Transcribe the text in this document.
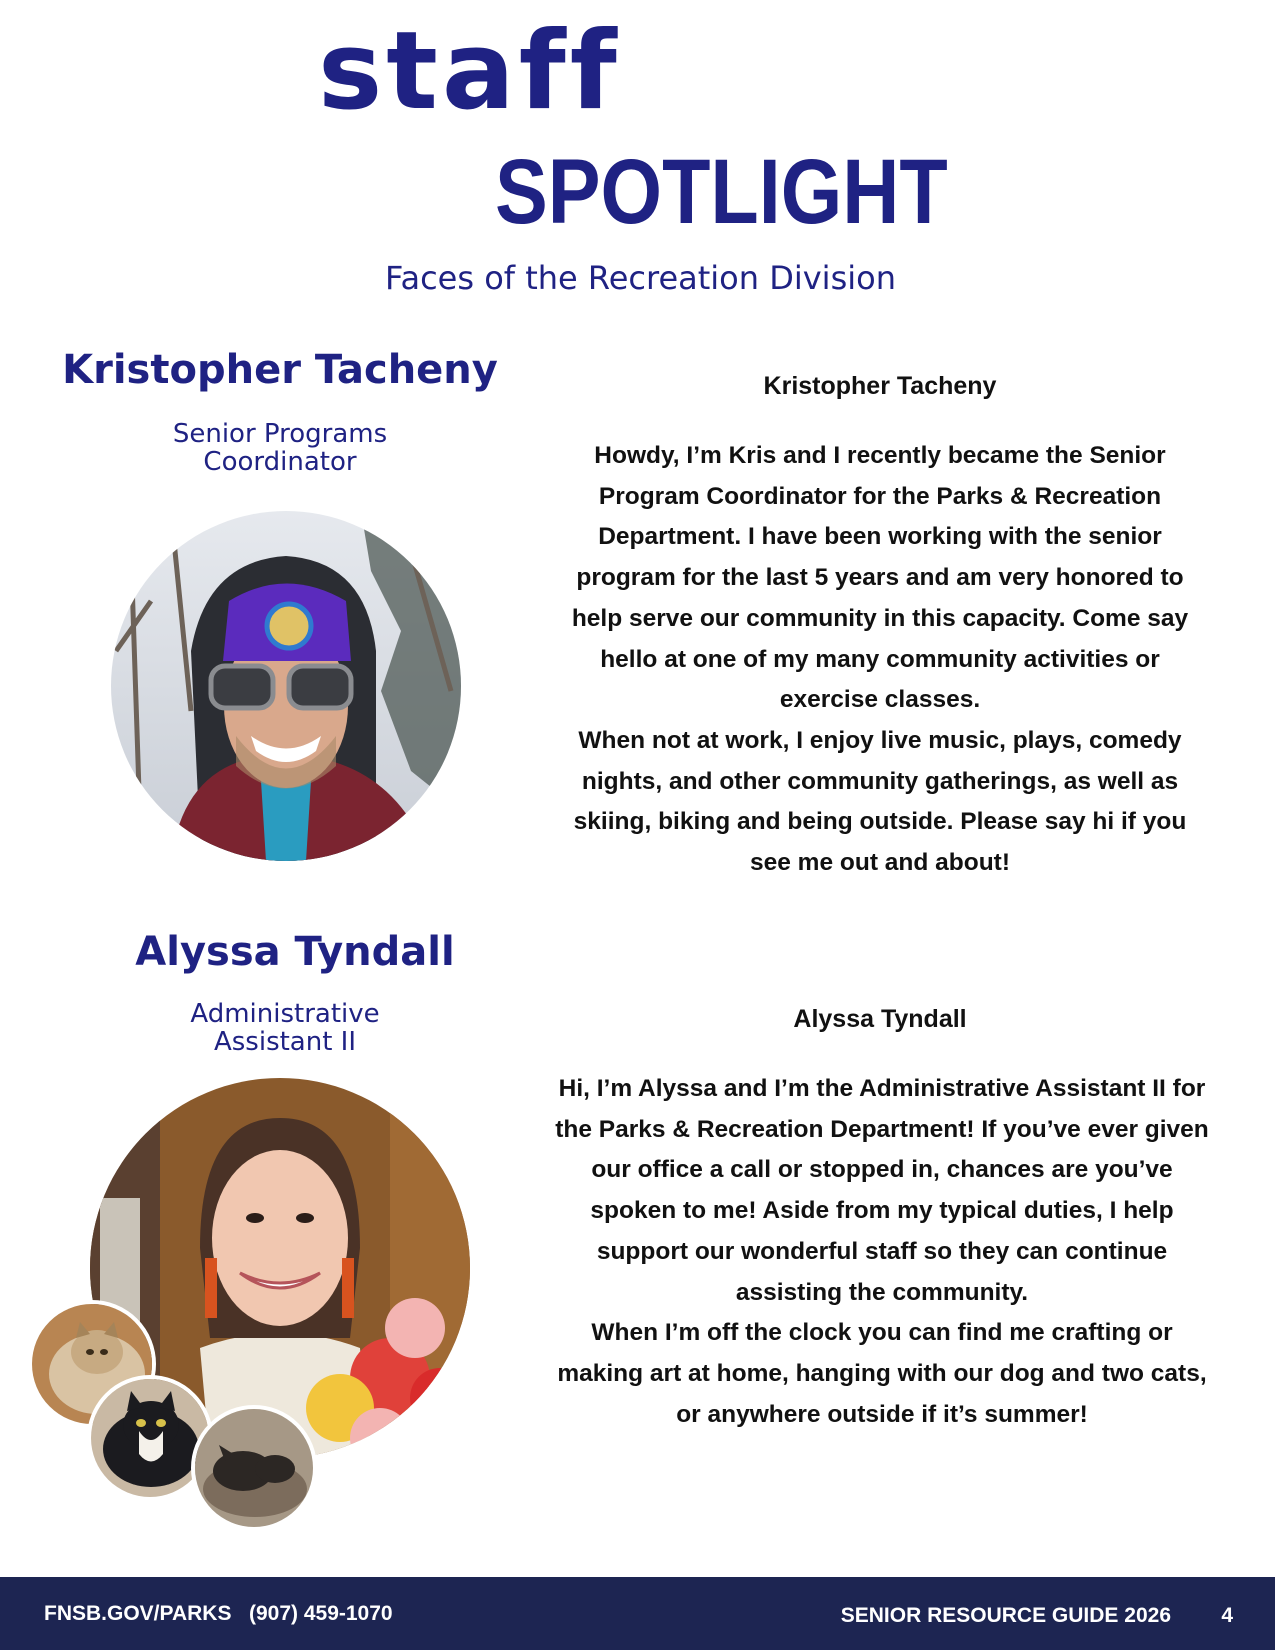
staff
SPOTLIGHT
Faces of the Recreation Division
Kristopher Tacheny
Senior Programs
Coordinator
Kristopher Tacheny

Howdy, I’m Kris and I recently became the Senior Program Coordinator for the Parks & Recreation Department. I have been working with the senior program for the last 5 years and am very honored to help serve our community in this capacity. Come say hello at one of my many community activities or exercise classes.

When not at work, I enjoy live music, plays, comedy nights, and other community gatherings, as well as skiing, biking and being outside. Please say hi if you see me out and about!

Alyssa Tyndall
Administrative
Assistant II
Alyssa Tyndall

Hi, I’m Alyssa and I’m the Administrative Assistant II for the Parks & Recreation Department! If you’ve ever given our office a call or stopped in, chances are you’ve spoken to me! Aside from my typical duties, I help support our wonderful staff so they can continue assisting the community.

When I’m off the clock you can find me crafting or making art at home, hanging with our dog and two cats, or anywhere outside if it’s summer!

FNSB.GOV/PARKS (907) 459-1070	SENIOR RESOURCE GUIDE 2026 4
